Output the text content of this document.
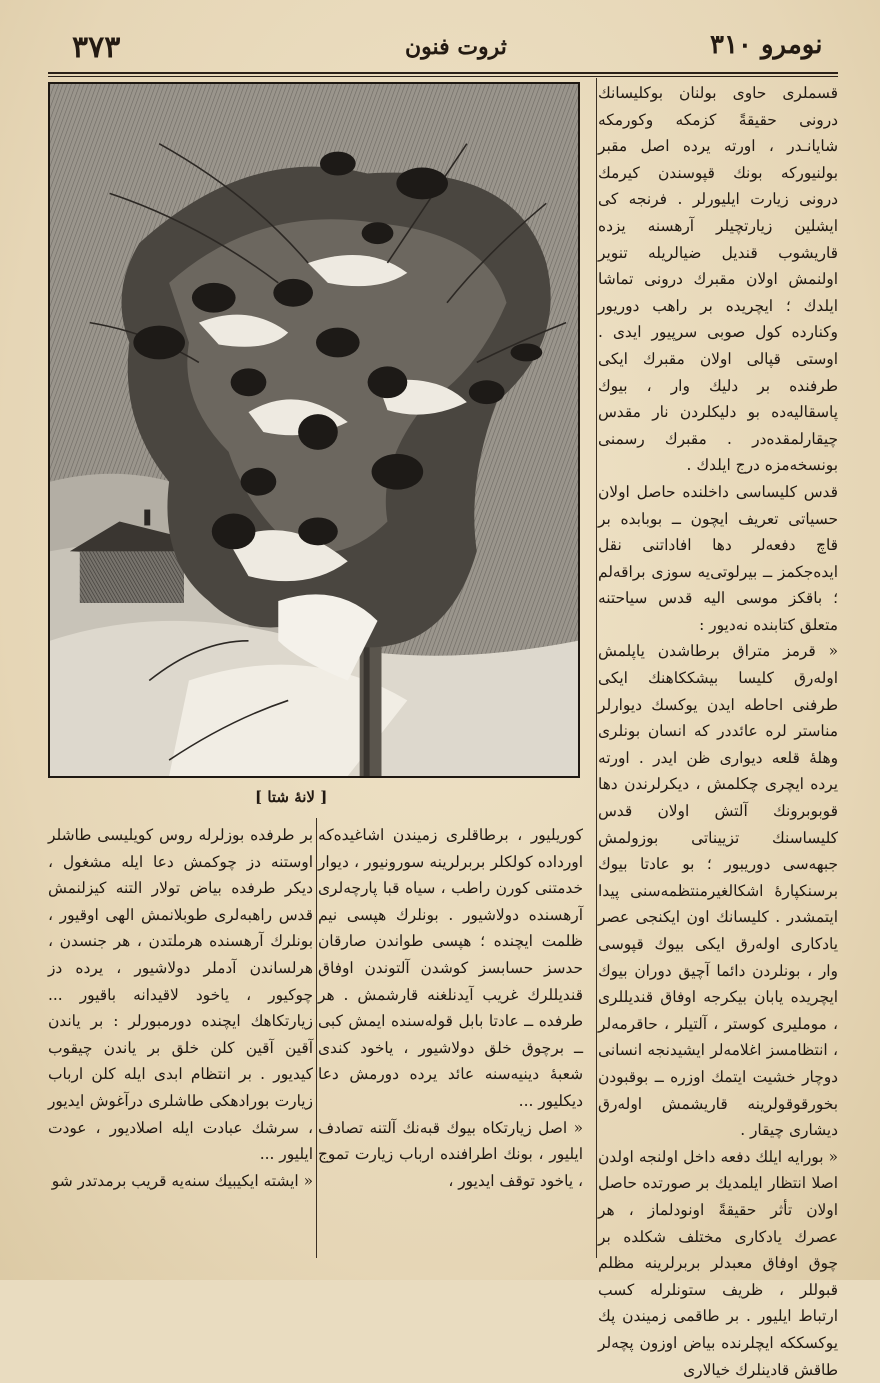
٣٧٣	ثروت فنون	نومرو ٣١٠
[ لانهٔ شتا ]

قسملری حاوی بولنان بوكليسانك درونی حقيقةً كزمكه وكورمكه شايانـدر ، اورته يرده اصل مقبر بولنيوركه بونك قپوسندن كيرمك درونی زيارت ايليورلر . فرنجه كی ايشلين زيارتچيلر آرهسنه يزده قاريشوب قنديل ضيالريله تنوير اولنمش اولان مقبرك درونی تماشا ايلدك ؛ ايچريده بر راهب دوريور وكنارده كول صوبی سرپيور ايدی . اوستی قپالی اولان مقبرك ايكی طرفنده بر دليك وار ، بيوك پاسقاليه‌ده بو دليكلردن نار مقدس چيقارلمقده‌در . مقبرك رسمنی بونسخه‌مزه درج ايلدك .

قدس كليساسی داخلنده حاصل اولان حسياتی تعريف ايچون ــ بوبابده بر قاچ دفعه‌لر دها افاداتنی نقل ايده‌جكمز ــ بيرلوتی‌يه سوزی براقه‌لم ؛ باقكز موسی اليه قدس سياحتنه متعلق كتابنده نه‌ديور :

« قرمز متراق برطاشدن ياپلمش اوله‌رق كليسا بيشككاهنك ايكی طرفنی احاطه ايدن يوكسك ديوارلر مناستر لره عائددر كه انسان بونلری وهلهٔ قلعه ديواری ظن ايدر . اورته يرده ايچری چكلمش ، ديكرلرندن دها قوبوبرونك آلتش اولان قدس كليساسنك تزييناتی بوزولمش جبهه‌سی دوريبور ؛ بو عادتا بيوك برسنكپارهٔ اشكالغيرمنتظمه‌سنی پيدا ايتمشدر . كليسانك اون ايكنجی عصر يادكاری اوله‌رق ايكی بيوك قپوسی وار ، بونلردن دائما آچيق دوران بيوك ايچريده يابان بيكرجه اوفاق قنديللری ، مومليری كوستر ، آلتيلر ، حاقرمه‌لر ، انتظامسز اغلامه‌لر ايشيدنجه انسانی دوچار خشيت ايتمك اوزره ــ بوقبودن بخورقوقولرينه قاريشمش اوله‌رق ديشاری چيقار .

« بورايه ايلك دفعه داخل اولنجه اولدن اصلا انتظار ايلمديك بر صورتده حاصل اولان تأثر حقيقةً اونودلماز ، هر عصرك يادكاری مختلف شكلده بر چوق اوفاق معبدلر بربرلرينه مظلم قبوللر ، ظريف ستونلرله كسب ارتباط ايليور . بر طاقمی زميندن پك يوكسككه ايچلرنده بياض اوزون پچه‌لر طاقش قادينلرك خيالاری

كوريليور ، برطاقلری زميندن اشاغيده‌كه اورداده كولكلر بربرلرينه سورونيور ، ديوار خدمتنی كورن راطب ، سياه قبا پارچه‌لری آرهسنده دولاشيور . بونلرك هپسی نيم ظلمت ايچنده ؛ هپسی طواندن صارقان حدسز حسابسز كوشدن آلتوندن اوفاق قنديللرك غريب آيدنلغنه قارشمش . هر طرفده ــ عادتا بابل قوله‌سنده ايمش كبی ــ برچوق خلق دولاشيور ، ياخود كندی شعبهٔ دينيه‌سنه عائد يرده دورمش دعا ديكليور ...

« اصل زيارتكاه بيوك قبه‌نك آلتنه تصادف ايليور ، بونك اطرافنده ارباب زيارت تموج ، ياخود توقف ايديور ،

بر طرفده بوزلرله روس كويليسی طاشلر اوستنه دز چوكمش دعا ايله مشغول ، ديكر طرفده بياض تولار التنه كيزلنمش قدس راهبه‌لری طوبلانمش الهی اوقيور ، بونلرك آرهسنده هرملتدن ، هر جنسدن ، هرلساندن آدملر دولاشيور ، يرده دز چوكيور ، ياخود لاقيدانه باقيور ... زيارتكاهك ايچنده دورمبورلر : بر ياندن آقين آقين كلن خلق بر ياندن چيقوب كيديور . بر انتظام ابدی ايله كلن ارباب زيارت بورادهكی طاشلری درآغوش ايديور ، سرشك عبادت ايله اصلاديور ، عودت ايليور ...

« ايشته ايكيبيك سنه‌يه قريب برمدتدر شو
